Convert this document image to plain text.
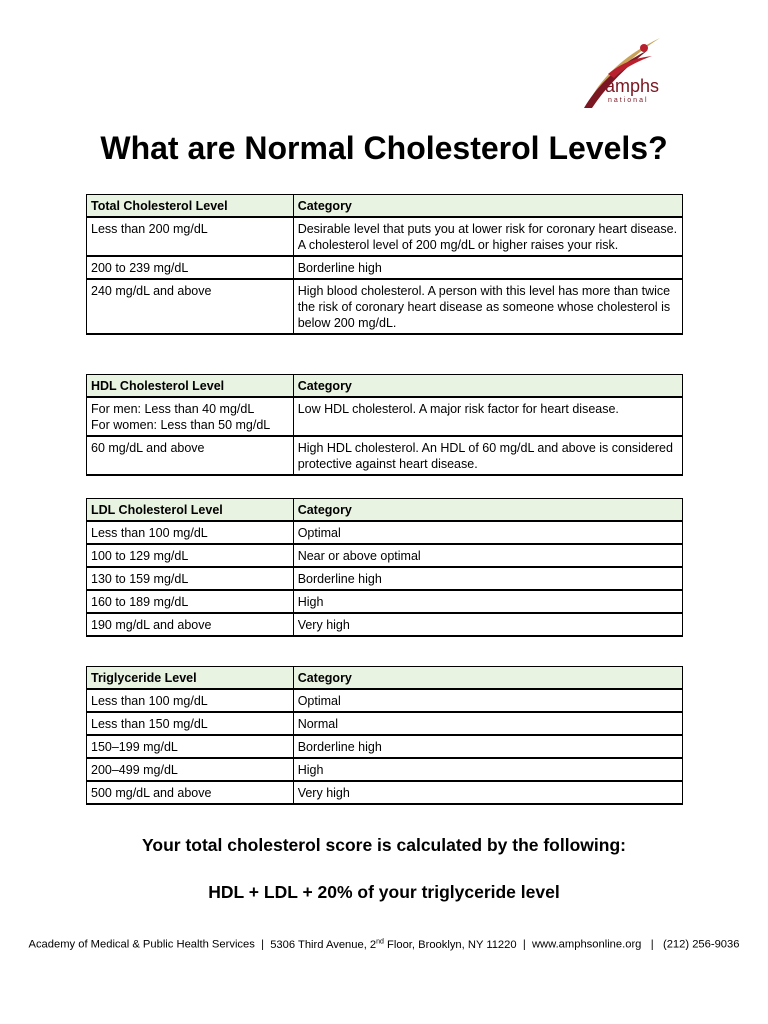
amphs
national
What are Normal Cholesterol Levels?
Total Cholesterol Level	Category
Less than 200 mg/dL	Desirable level that puts you at lower risk for coronary heart disease. A cholesterol level of 200 mg/dL or higher raises your risk.
200 to 239 mg/dL	Borderline high
240 mg/dL and above	High blood cholesterol. A person with this level has more than twice the risk of coronary heart disease as someone whose cholesterol is below 200 mg/dL.
HDL Cholesterol Level	Category

For men: Less than 40 mg/dL
For women: Less than 50 mg/dL	Low HDL cholesterol. A major risk factor for heart disease.
60 mg/dL and above	High HDL cholesterol. An HDL of 60 mg/dL and above is considered protective against heart disease.
LDL Cholesterol Level	Category
Less than 100 mg/dL	Optimal
100 to 129 mg/dL	Near or above optimal
130 to 159 mg/dL	Borderline high
160 to 189 mg/dL	High
190 mg/dL and above	Very high
Triglyceride Level	Category
Less than 100 mg/dL	Optimal
Less than 150 mg/dL	Normal
150–199 mg/dL	Borderline high
200–499 mg/dL	High
500 mg/dL and above	Very high
Your total cholesterol score is calculated by the following:
HDL + LDL + 20% of your triglyceride level
Academy of Medical & Public Health Services | 5306 Third Avenue, 2nd Floor, Brooklyn, NY 11220 | www.amphsonline.org | (212) 256-9036
